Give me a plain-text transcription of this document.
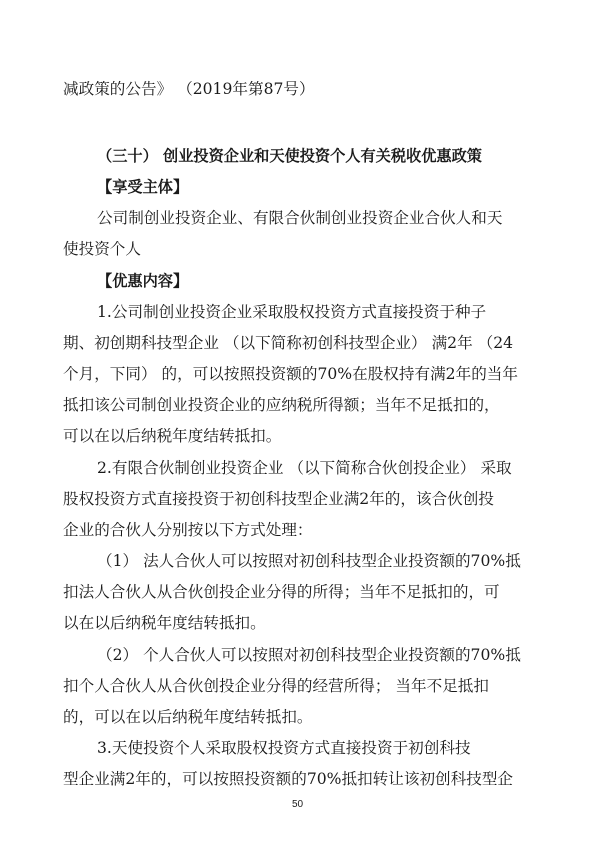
减政策的公告》 （2019年第87号）
（三十） 创业投资企业和天使投资个人有关税收优惠政策
【享受主体】
公司制创业投资企业、有限合伙制创业投资企业合伙人和天
使投资个人
【优惠内容】
1.公司制创业投资企业采取股权投资方式直接投资于种子
期、初创期科技型企业 （以下简称初创科技型企业） 满2年 （24
个月，下同） 的，可以按照投资额的70%在股权持有满2年的当年
抵扣该公司制创业投资企业的应纳税所得额；当年不足抵扣的，
可以在以后纳税年度结转抵扣。
2.有限合伙制创业投资企业 （以下简称合伙创投企业） 采取
股权投资方式直接投资于初创科技型企业满2年的，该合伙创投
企业的合伙人分别按以下方式处理：
（1） 法人合伙人可以按照对初创科技型企业投资额的70%抵
扣法人合伙人从合伙创投企业分得的所得；当年不足抵扣的，可
以在以后纳税年度结转抵扣。
（2） 个人合伙人可以按照对初创科技型企业投资额的70%抵
扣个人合伙人从合伙创投企业分得的经营所得； 当年不足抵扣
的，可以在以后纳税年度结转抵扣。
3.天使投资个人采取股权投资方式直接投资于初创科技
型企业满2年的，可以按照投资额的70%抵扣转让该初创科技型企
50
